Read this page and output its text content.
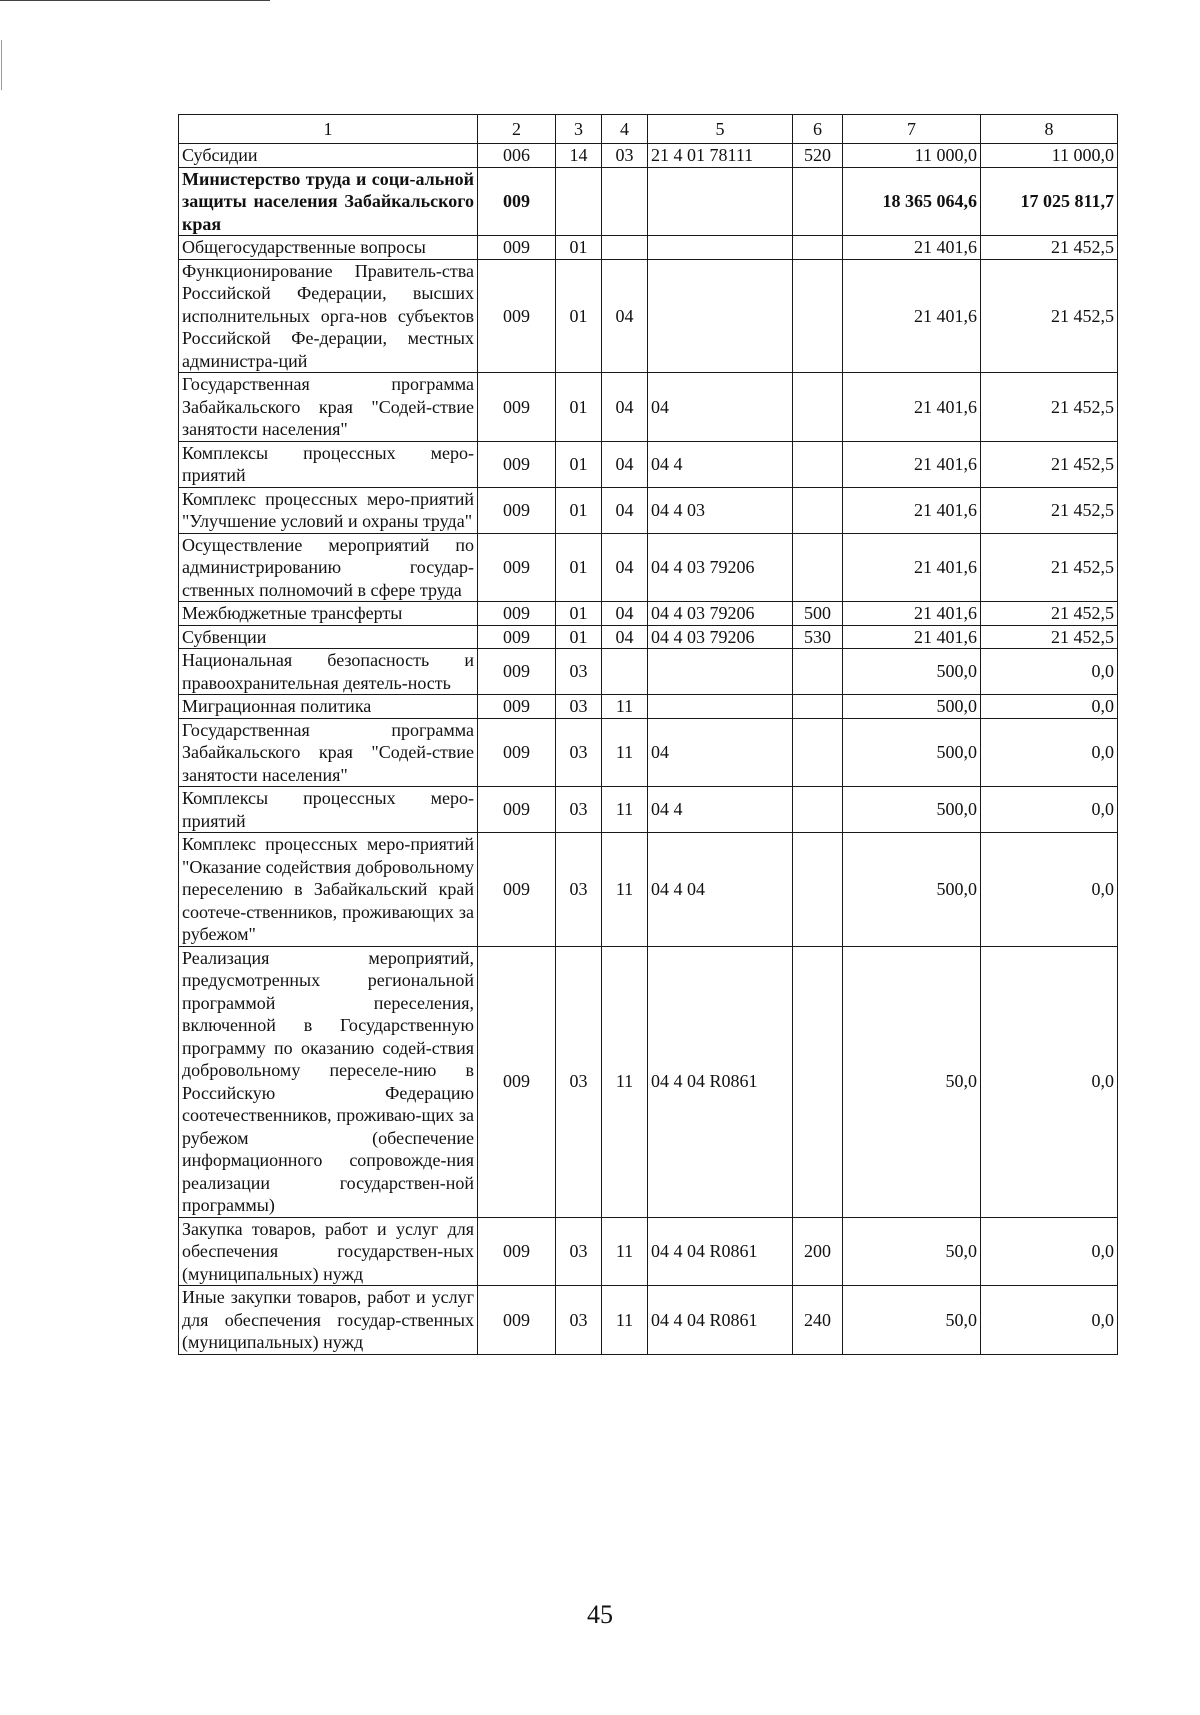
1	2	3	4	5	6	7	8
Субсидии	006	14	03	21 4 01 78111	520	11 000,0	11 000,0
Министерство труда и соци-альной защиты населения Забайкальского края	009					18 365 064,6	17 025 811,7
Общегосударственные вопросы	009	01				21 401,6	21 452,5
Функционирование Правитель-ства Российской Федерации, высших исполнительных орга-нов субъектов Российской Фе-дерации, местных администра-ций	009	01	04			21 401,6	21 452,5
Государственная программа Забайкальского края "Содей-ствие занятости населения"	009	01	04	04		21 401,6	21 452,5
Комплексы процессных меро-приятий	009	01	04	04 4		21 401,6	21 452,5
Комплекс процессных меро-приятий "Улучшение условий и охраны труда"	009	01	04	04 4 03		21 401,6	21 452,5
Осуществление мероприятий по администрированию государ-ственных полномочий в сфере труда	009	01	04	04 4 03 79206		21 401,6	21 452,5
Межбюджетные трансферты	009	01	04	04 4 03 79206	500	21 401,6	21 452,5
Субвенции	009	01	04	04 4 03 79206	530	21 401,6	21 452,5
Национальная безопасность и правоохранительная деятель-ность	009	03				500,0	0,0
Миграционная политика	009	03	11			500,0	0,0
Государственная программа Забайкальского края "Содей-ствие занятости населения"	009	03	11	04		500,0	0,0
Комплексы процессных меро-приятий	009	03	11	04 4		500,0	0,0
Комплекс процессных меро-приятий "Оказание содействия добровольному переселению в Забайкальский край соотече-ственников, проживающих за рубежом"	009	03	11	04 4 04		500,0	0,0
Реализация мероприятий, предусмотренных региональной программой переселения, включенной в Государственную программу по оказанию содей-ствия добровольному переселе-нию в Российскую Федерацию соотечественников, проживаю-щих за рубежом (обеспечение информационного сопровожде-ния реализации государствен-ной программы)	009	03	11	04 4 04 R0861		50,0	0,0
Закупка товаров, работ и услуг для обеспечения государствен-ных (муниципальных) нужд	009	03	11	04 4 04 R0861	200	50,0	0,0
Иные закупки товаров, работ и услуг для обеспечения государ-ственных (муниципальных) нужд	009	03	11	04 4 04 R0861	240	50,0	0,0
45
